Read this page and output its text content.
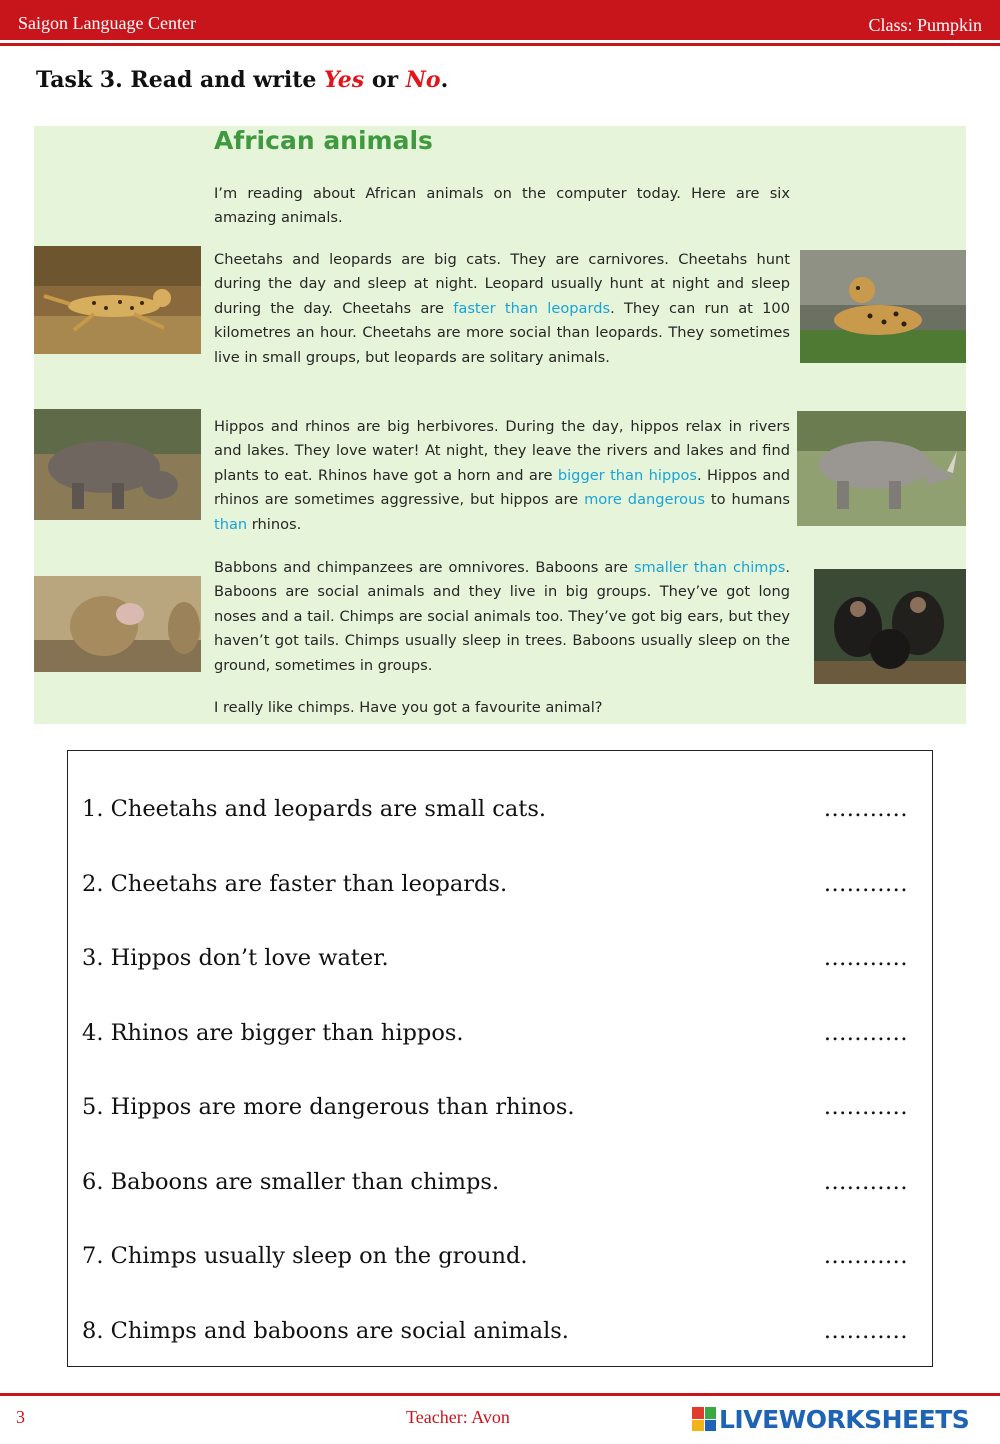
Saigon Language Center	Class: Pumpkin
Task 3. Read and write Yes or No.
African animals

I’m reading about African animals on the computer today. Here are six amazing animals.

Cheetahs and leopards are big cats. They are carnivores. Cheetahs hunt during the day and sleep at night. Leopard usually hunt at night and sleep during the day. Cheetahs are faster than leopards. They can run at 100 kilometres an hour. Cheetahs are more social than leopards. They sometimes live in small groups, but leopards are solitary animals.

Hippos and rhinos are big herbivores. During the day, hippos relax in rivers and lakes. They love water! At night, they leave the rivers and lakes and find plants to eat. Rhinos have got a horn and are bigger than hippos. Hippos and rhinos are sometimes aggressive, but hippos are more dangerous to humans than rhinos.

Babbons and chimpanzees are omnivores. Baboons are smaller than chimps. Baboons are social animals and they live in big groups. They’ve got long noses and a tail. Chimps are social animals too. They’ve got big ears, but they haven’t got tails. Chimps usually sleep in trees. Baboons usually sleep on the ground, sometimes in groups.

I really like chimps. Have you got a favourite animal?

1. Cheetahs and leopards are small cats.	...........
2. Cheetahs are faster than leopards.	...........
3. Hippos don’t love water.	...........
4. Rhinos are bigger than hippos.	...........
5. Hippos are more dangerous than rhinos.	...........
6. Baboons are smaller than chimps.	...........
7. Chimps usually sleep on the ground.	...........
8. Chimps and baboons are social animals.	...........
3	Teacher: Avon	LIVEWORKSHEETS
